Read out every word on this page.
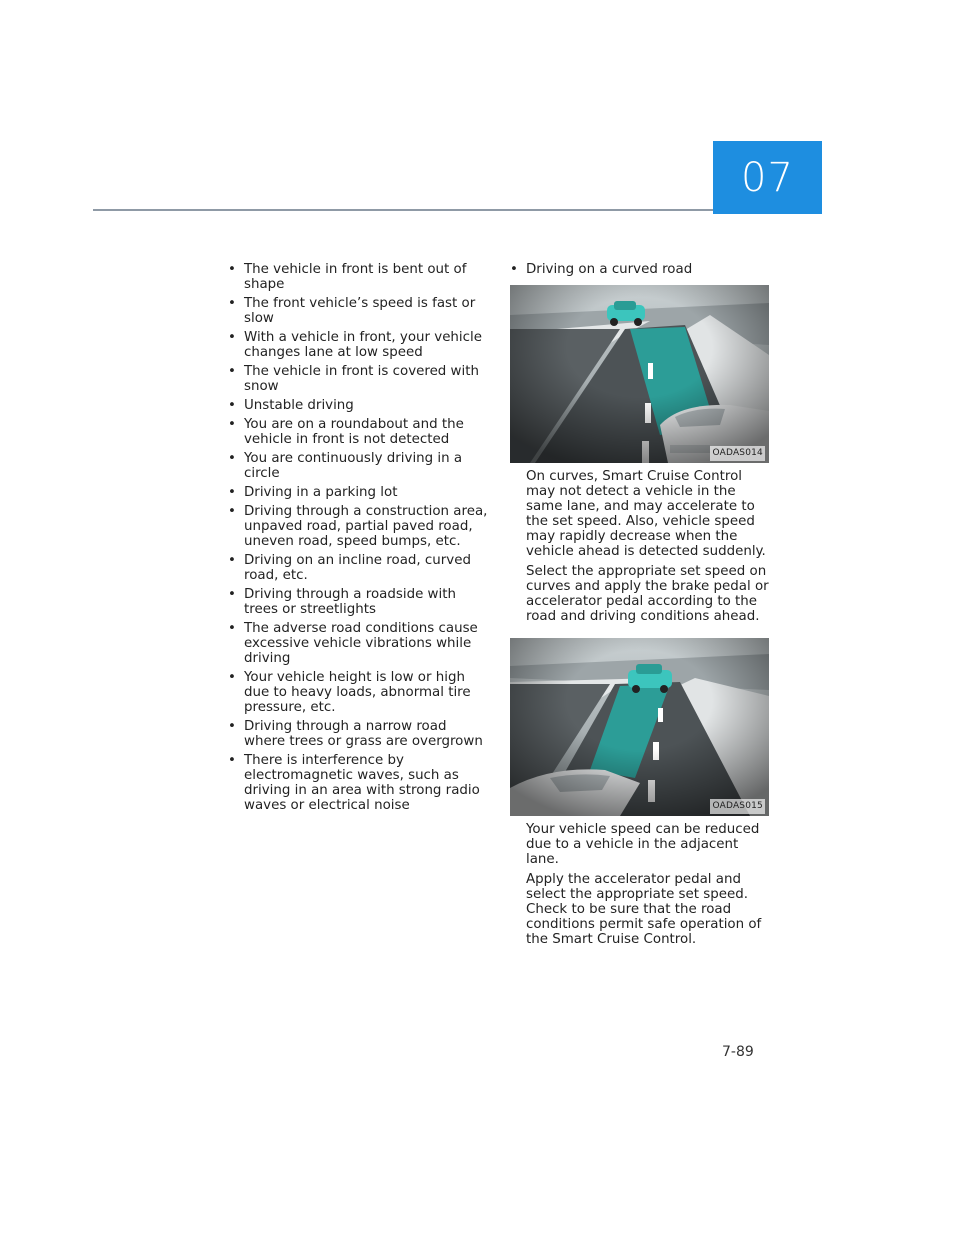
07
• The vehicle in front is bent out of shape
• The front vehicle’s speed is fast or slow
• With a vehicle in front, your vehicle changes lane at low speed
• The vehicle in front is covered with snow
• Unstable driving
• You are on a roundabout and the vehicle in front is not detected
• You are continuously driving in a circle
• Driving in a parking lot
• Driving through a construction area, unpaved road, partial paved road, uneven road, speed bumps, etc.
• Driving on an incline road, curved road, etc.
• Driving through a roadside with trees or streetlights
• The adverse road conditions cause excessive vehicle vibrations while driving
• Your vehicle height is low or high due to heavy loads, abnormal tire pressure, etc.
• Driving through a narrow road where trees or grass are overgrown
• There is interference by electromagnetic waves, such as driving in an area with strong radio waves or electrical noise
• Driving on a curved road
OADAS014

On curves, Smart Cruise Control may not detect a vehicle in the same lane, and may accelerate to the set speed. Also, vehicle speed may rapidly decrease when the vehicle ahead is detected suddenly.

Select the appropriate set speed on curves and apply the brake pedal or accelerator pedal according to the road and driving conditions ahead.

OADAS015

Your vehicle speed can be reduced due to a vehicle in the adjacent lane.

Apply the accelerator pedal and select the appropriate set speed. Check to be sure that the road conditions permit safe operation of the Smart Cruise Control.

7-89
